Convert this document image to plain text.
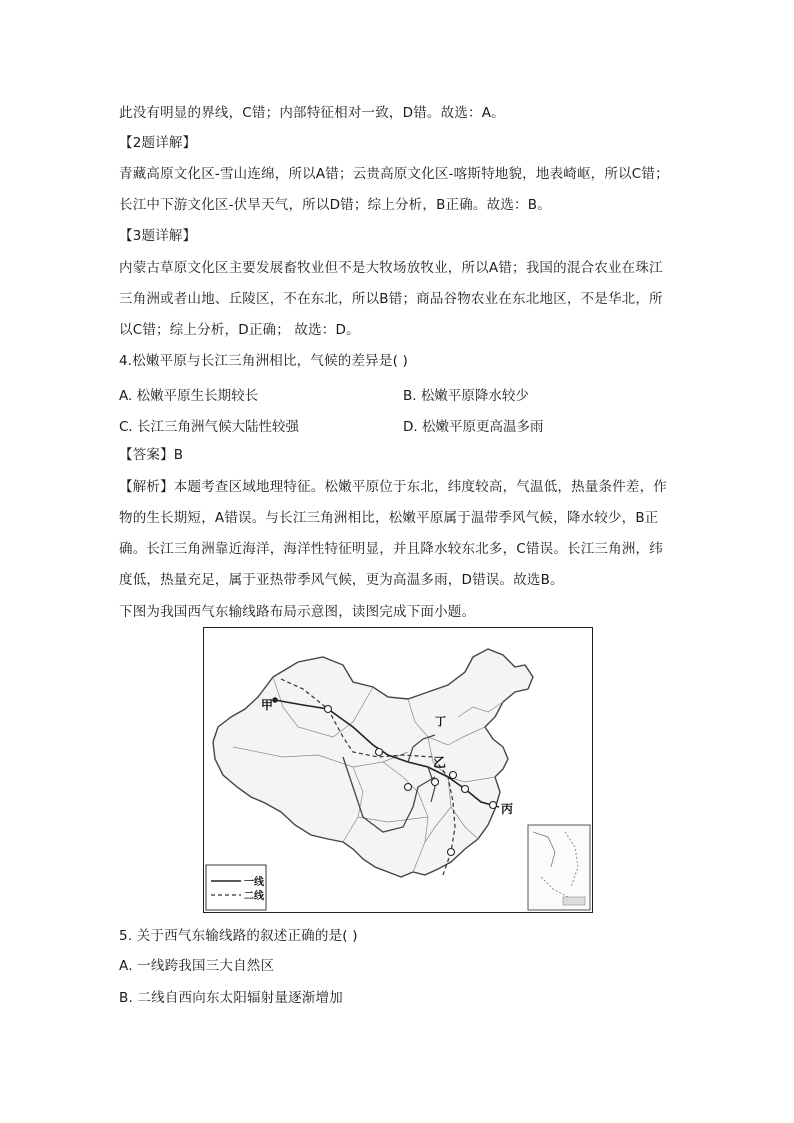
此没有明显的界线，C错；内部特征相对一致，D错。故选：A。
【2题详解】
青藏高原文化区-雪山连绵，所以A错；云贵高原文化区-喀斯特地貌，地表崎岖，所以C错；
长江中下游文化区-伏旱天气，所以D错；综上分析，B正确。故选：B。
【3题详解】
内蒙古草原文化区主要发展畜牧业但不是大牧场放牧业，所以A错；我国的混合农业在珠江
三角洲或者山地、丘陵区，不在东北，所以B错；商品谷物农业在东北地区，不是华北，所
以C错；综上分析，D正确； 故选：D。
4.松嫩平原与长江三角洲相比，气候的差异是( )
A. 松嫩平原生长期较长	B. 松嫩平原降水较少
C. 长江三角洲气候大陆性较强	D. 松嫩平原更高温多雨
【答案】B
【解析】本题考查区域地理特征。松嫩平原位于东北，纬度较高，气温低，热量条件差，作
物的生长期短，A错误。与长江三角洲相比，松嫩平原属于温带季风气候，降水较少，B正
确。长江三角洲靠近海洋，海洋性特征明显，并且降水较东北多，C错误。长江三角洲，纬
度低，热量充足，属于亚热带季风气候，更为高温多雨，D错误。故选B。
下图为我国西气东输线路布局示意图，读图完成下面小题。
甲
乙
丙
丁
一线
二线
5. 关于西气东输线路的叙述正确的是( )
A. 一线跨我国三大自然区
B. 二线自西向东太阳辐射量逐渐增加
